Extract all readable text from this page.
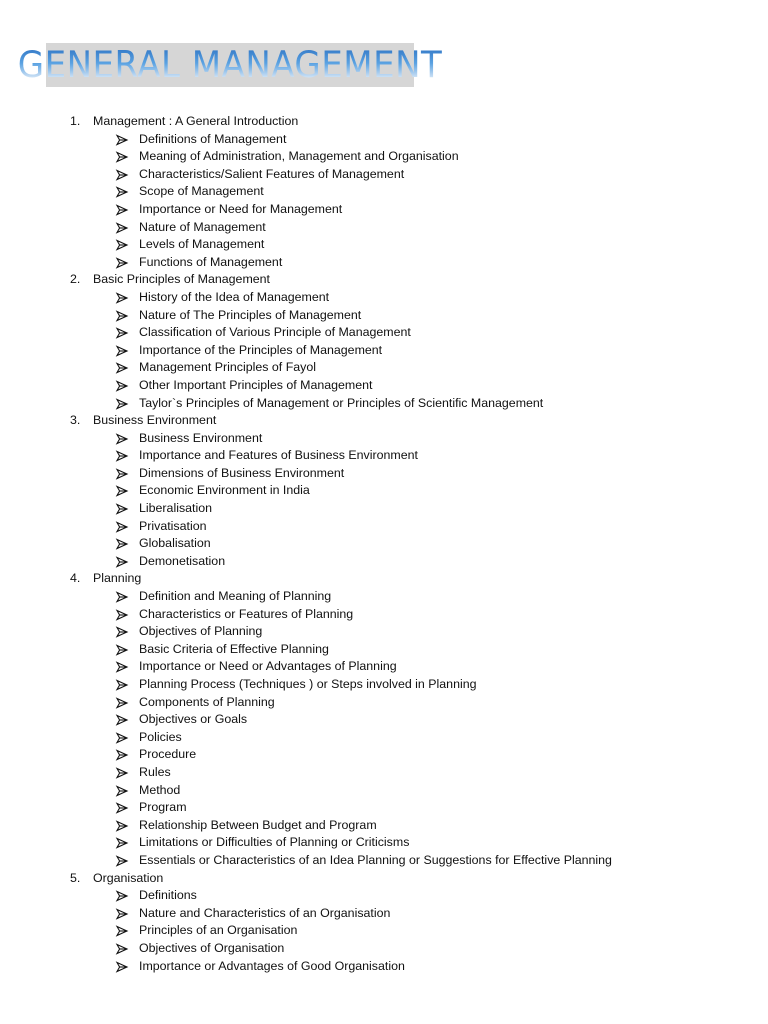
GENERAL MANAGEMENT
1. Management : A General Introduction
Definitions of Management
Meaning of Administration, Management and Organisation
Characteristics/Salient Features of Management
Scope of Management
Importance or Need for Management
Nature of Management
Levels of Management
Functions of Management
2. Basic Principles of Management
History of the Idea of Management
Nature of The Principles of Management
Classification of Various Principle of Management
Importance of the Principles of Management
Management Principles of Fayol
Other Important Principles of Management
Taylor`s Principles of Management or Principles of Scientific Management
3. Business Environment
Business Environment
Importance and Features of Business Environment
Dimensions of Business Environment
Economic Environment in India
Liberalisation
Privatisation
Globalisation
Demonetisation
4. Planning
Definition and Meaning of Planning
Characteristics or Features of Planning
Objectives of Planning
Basic Criteria of Effective Planning
Importance or Need or Advantages of Planning
Planning Process (Techniques ) or Steps involved in Planning
Components of Planning
Objectives or Goals
Policies
Procedure
Rules
Method
Program
Relationship Between Budget and Program
Limitations or Difficulties of Planning or Criticisms
Essentials or Characteristics of an Idea Planning or Suggestions for Effective Planning
5. Organisation
Definitions
Nature and Characteristics of an Organisation
Principles of an Organisation
Objectives of Organisation
Importance or Advantages of Good Organisation
